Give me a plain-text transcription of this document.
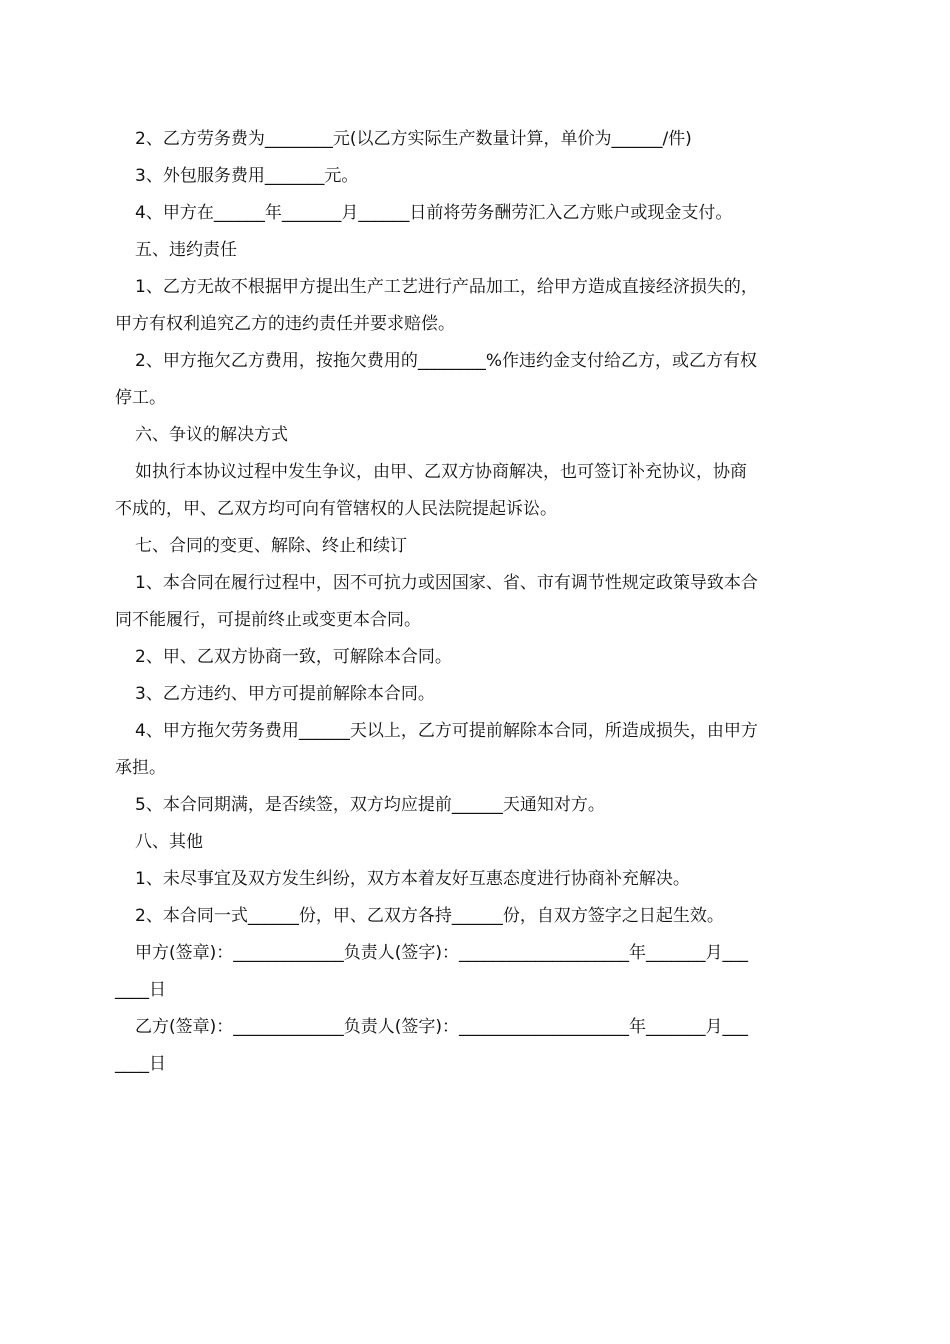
2、乙方劳务费为________元(以乙方实际生产数量计算，单价为______/件)
3、外包服务费用_______元。
4、甲方在______年_______月______日前将劳务酬劳汇入乙方账户或现金支付。
五、违约责任
1、乙方无故不根据甲方提出生产工艺进行产品加工，给甲方造成直接经济损失的，
甲方有权利追究乙方的违约责任并要求赔偿。
2、甲方拖欠乙方费用，按拖欠费用的________%作违约金支付给乙方，或乙方有权
停工。
六、争议的解决方式
如执行本协议过程中发生争议，由甲、乙双方协商解决，也可签订补充协议，协商
不成的，甲、乙双方均可向有管辖权的人民法院提起诉讼。
七、合同的变更、解除、终止和续订
1、本合同在履行过程中，因不可抗力或因国家、省、市有调节性规定政策导致本合
同不能履行，可提前终止或变更本合同。
2、甲、乙双方协商一致，可解除本合同。
3、乙方违约、甲方可提前解除本合同。
4、甲方拖欠劳务费用______天以上，乙方可提前解除本合同，所造成损失，由甲方
承担。
5、本合同期满，是否续签，双方均应提前______天通知对方。
八、其他
1、未尽事宜及双方发生纠纷，双方本着友好互惠态度进行协商补充解决。
2、本合同一式______份，甲、乙双方各持______份，自双方签字之日起生效。
甲方(签章)：_____________负责人(签字)：____________________年_______月___
____日
乙方(签章)：_____________负责人(签字)：____________________年_______月___
____日
